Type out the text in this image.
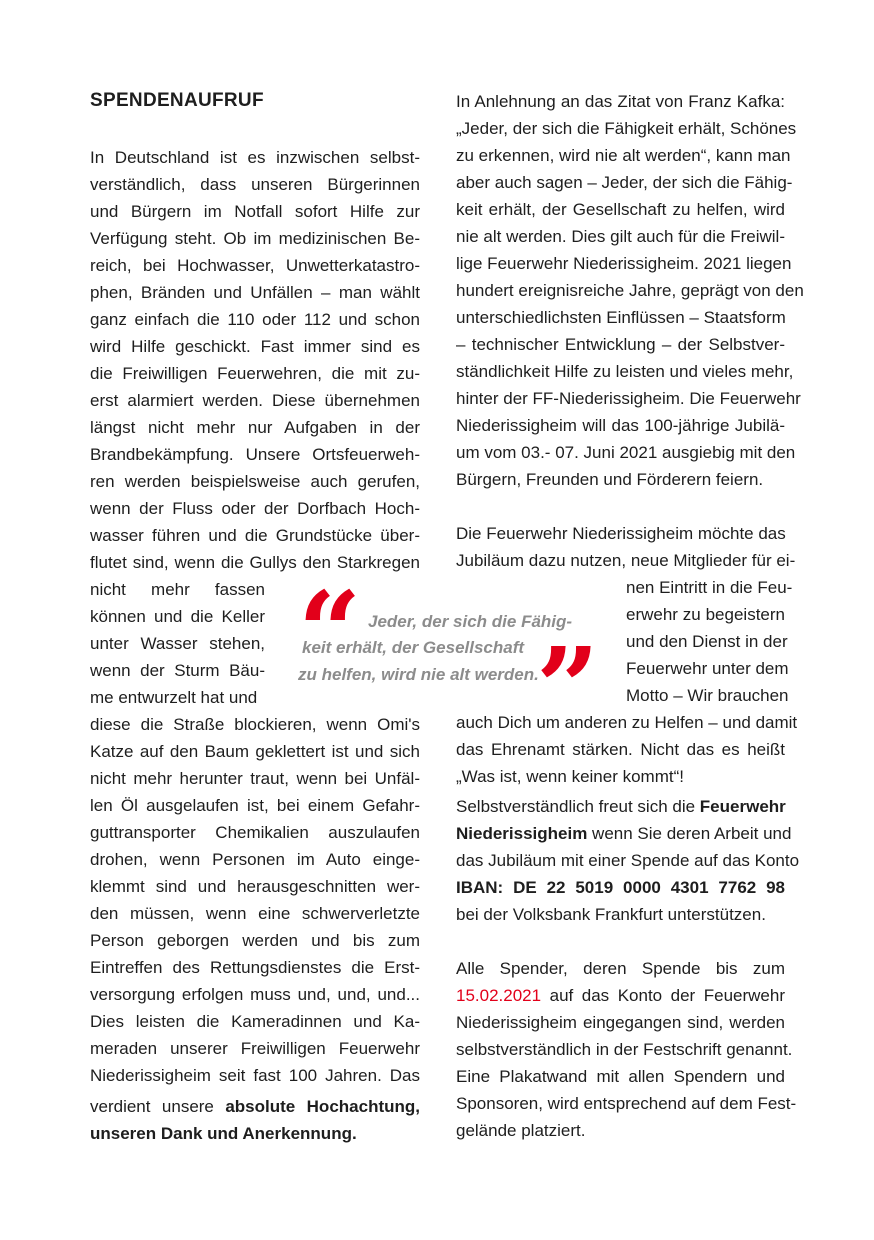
SPENDENAUFRUF
In Deutschland ist es inzwischen selbst-
verständlich, dass unseren Bürgerinnen
und Bürgern im Notfall sofort Hilfe zur
Verfügung steht. Ob im medizinischen Be-
reich, bei Hochwasser, Unwetterkatastro-
phen, Bränden und Unfällen – man wählt
ganz einfach die 110 oder 112 und schon
wird Hilfe geschickt. Fast immer sind es
die Freiwilligen Feuerwehren, die mit zu-
erst alarmiert werden. Diese übernehmen
längst nicht mehr nur Aufgaben in der
Brandbekämpfung. Unsere Ortsfeuerweh-
ren werden beispielsweise auch gerufen,
wenn der Fluss oder der Dorfbach Hoch-
wasser führen und die Grundstücke über-
flutet sind, wenn die Gullys den Starkregen
nicht mehr fassen
können und die Keller
unter Wasser stehen,
wenn der Sturm Bäu-
me entwurzelt hat und
diese die Straße blockieren, wenn Omi's
Katze auf den Baum geklettert ist und sich
nicht mehr herunter traut, wenn bei Unfäl-
len Öl ausgelaufen ist, bei einem Gefahr-
guttransporter Chemikalien auszulaufen
drohen, wenn Personen im Auto einge-
klemmt sind und herausgeschnitten wer-
den müssen, wenn eine schwerverletzte
Person geborgen werden und bis zum
Eintreffen des Rettungsdienstes die Erst-
versorgung erfolgen muss und, und, und...
Dies leisten die Kameradinnen und Ka-
meraden unserer Freiwilligen Feuerwehr
Niederissigheim seit fast 100 Jahren. Das
verdient unsere absolute Hochachtung,
unseren Dank und Anerkennung.
In Anlehnung an das Zitat von Franz Kafka:
„Jeder, der sich die Fähigkeit erhält, Schönes
zu erkennen, wird nie alt werden“, kann man
aber auch sagen – Jeder, der sich die Fähig-
keit erhält, der Gesellschaft zu helfen, wird
nie alt werden. Dies gilt auch für die Freiwil-
lige Feuerwehr Niederissigheim. 2021 liegen
hundert ereignisreiche Jahre, geprägt von den
unterschiedlichsten Einflüssen – Staatsform
– technischer Entwicklung – der Selbstver-
ständlichkeit Hilfe zu leisten und vieles mehr,
hinter der FF-Niederissigheim. Die Feuerwehr
Niederissigheim will das 100-jährige Jubilä-
um vom 03.- 07. Juni 2021 ausgiebig mit den
Bürgern, Freunden und Förderern feiern.
Die Feuerwehr Niederissigheim möchte das
Jubiläum dazu nutzen, neue Mitglieder für ei-
nen Eintritt in die Feu-
erwehr zu begeistern
und den Dienst in der
Feuerwehr unter dem
Motto – Wir brauchen
auch Dich um anderen zu Helfen – und damit
das Ehrenamt stärken. Nicht das es heißt
„Was ist, wenn keiner kommt“!
Selbstverständlich freut sich die Feuerwehr
Niederissigheim wenn Sie deren Arbeit und
das Jubiläum mit einer Spende auf das Konto
IBAN: DE 22 5019 0000 4301 7762 98
bei der Volksbank Frankfurt unterstützen.
Alle Spender, deren Spende bis zum
15.02.2021 auf das Konto der Feuerwehr
Niederissigheim eingegangen sind, werden
selbstverständlich in der Festschrift genannt.
Eine Plakatwand mit allen Spendern und
Sponsoren, wird entsprechend auf dem Fest-
gelände platziert.
“ Jeder, der sich die Fähig-
keit erhält, der Gesellschaft
zu helfen, wird nie alt werden.
”
